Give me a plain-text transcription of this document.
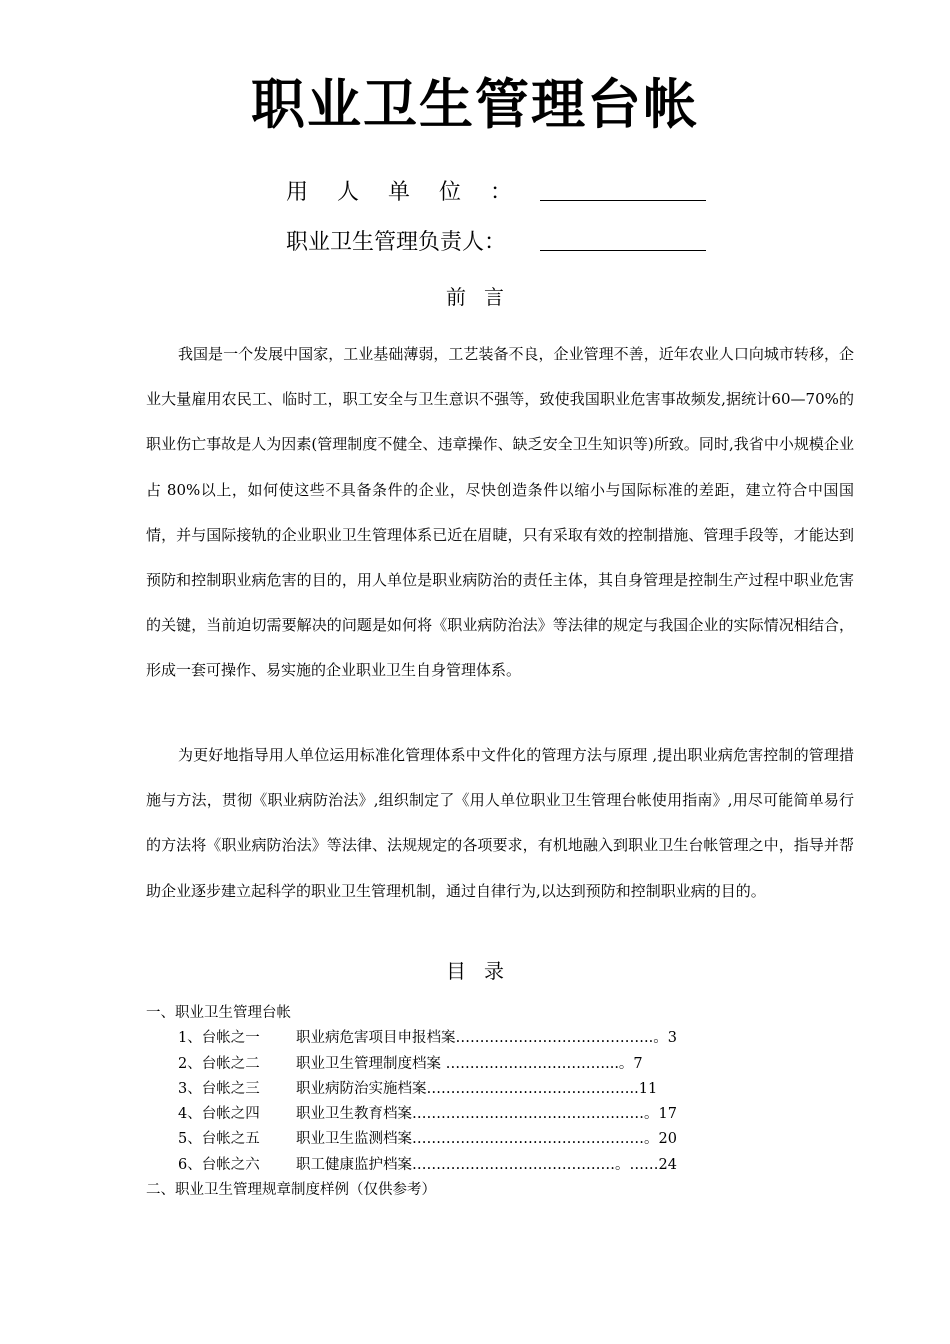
职业卫生管理台帐
用人单位：
职业卫生管理负责人：
前言

我国是一个发展中国家，工业基础薄弱，工艺装备不良，企业管理不善，近年农业人口向城市转移，企业大量雇用农民工、临时工，职工安全与卫生意识不强等，致使我国职业危害事故频发,据统计60—70%的职业伤亡事故是人为因素(管理制度不健全、违章操作、缺乏安全卫生知识等)所致。同时,我省中小规模企业占 80%以上，如何使这些不具备条件的企业，尽快创造条件以缩小与国际标准的差距，建立符合中国国情，并与国际接轨的企业职业卫生管理体系已近在眉睫，只有采取有效的控制措施、管理手段等，才能达到预防和控制职业病危害的目的，用人单位是职业病防治的责任主体，其自身管理是控制生产过程中职业危害的关键，当前迫切需要解决的问题是如何将《职业病防治法》等法律的规定与我国企业的实际情况相结合，形成一套可操作、易实施的企业职业卫生自身管理体系。

为更好地指导用人单位运用标准化管理体系中文件化的管理方法与原理 ,提出职业病危害控制的管理措施与方法，贯彻《职业病防治法》,组织制定了《用人单位职业卫生管理台帐使用指南》,用尽可能简单易行的方法将《职业病防治法》等法律、法规规定的各项要求，有机地融入到职业卫生台帐管理之中，指导并帮助企业逐步建立起科学的职业卫生管理机制，通过自律行为,以达到预防和控制职业病的目的。

目录
一、职业卫生管理台帐
1、台帐之一	职业病危害项目申报档案…………………………………..。3
2、台帐之二	职业卫生管理制度档案 ……………………………...。7
3、台帐之三	职业病防治实施档案……………………………………..11
4、台帐之四	职业卫生教育档案…………………………………………。17
5、台帐之五	职业卫生监测档案…………………………………………。20
6、台帐之六	职工健康监护档案……………………………………。……24
二、职业卫生管理规章制度样例（仅供参考）
